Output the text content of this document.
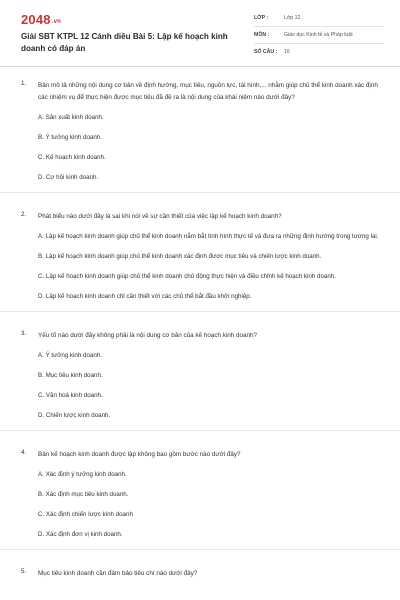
2048.vn
Giải SBT KTPL 12 Cánh diều Bài 5: Lập kế hoạch kinh doanh có đáp án
LỚP :	Lớp 12
MÔN :	Giáo dục Kinh tế và Pháp luật
SỐ CÂU :	16
1. Bản mô tả những nội dung cơ bản về định hướng, mục tiêu, nguồn lực, tài hình,... nhằm giúp chủ thể kinh doanh xác định các nhiệm vụ để thực hiện được mục tiêu đã đề ra là nội dung của khái niệm nào dưới đây?
A. Sản xuất kinh doanh.
B. Ý tưởng kinh doanh.
C. Kế hoạch kinh doanh.
D. Cơ hội kinh doanh.
2. Phát biểu nào dưới đây là sai khi nói về sự cần thiết của việc lập kế hoạch kinh doanh?
A. Lập kế hoạch kinh doanh giúp chủ thể kinh doanh nắm bắt tình hình thực tế và đưa ra những định hướng trong tương lai.
B. Lập kế hoạch kinh doanh giúp chủ thể kinh doanh xác định được mục tiêu và chiến lược kinh doanh.
C. Lập kế hoạch kinh doanh giúp chủ thể kinh doanh chủ động thực hiện và điều chỉnh kế hoạch kinh doanh.
D. Lập kế hoạch kinh doanh chỉ cần thiết với các chủ thể bắt đầu khởi nghiệp.
3. Yếu tố nào dưới đây không phải là nội dung cơ bản của kế hoạch kinh doanh?
A. Ý tưởng kinh doanh.
B. Mục tiêu kinh doanh.
C. Văn hoá kinh doanh.
D. Chiến lược kinh doanh.
4. Bản kế hoạch kinh doanh được lập không bao gồm bước nào dưới đây?
A. Xác định ý tưởng kinh doanh.
B. Xác định mục tiêu kinh doanh.
C. Xác định chiến lược kinh doanh
D. Xác định đơn vị kinh doanh.
5. Mục tiêu kinh doanh cần đảm bảo tiêu chí nào dưới đây?
